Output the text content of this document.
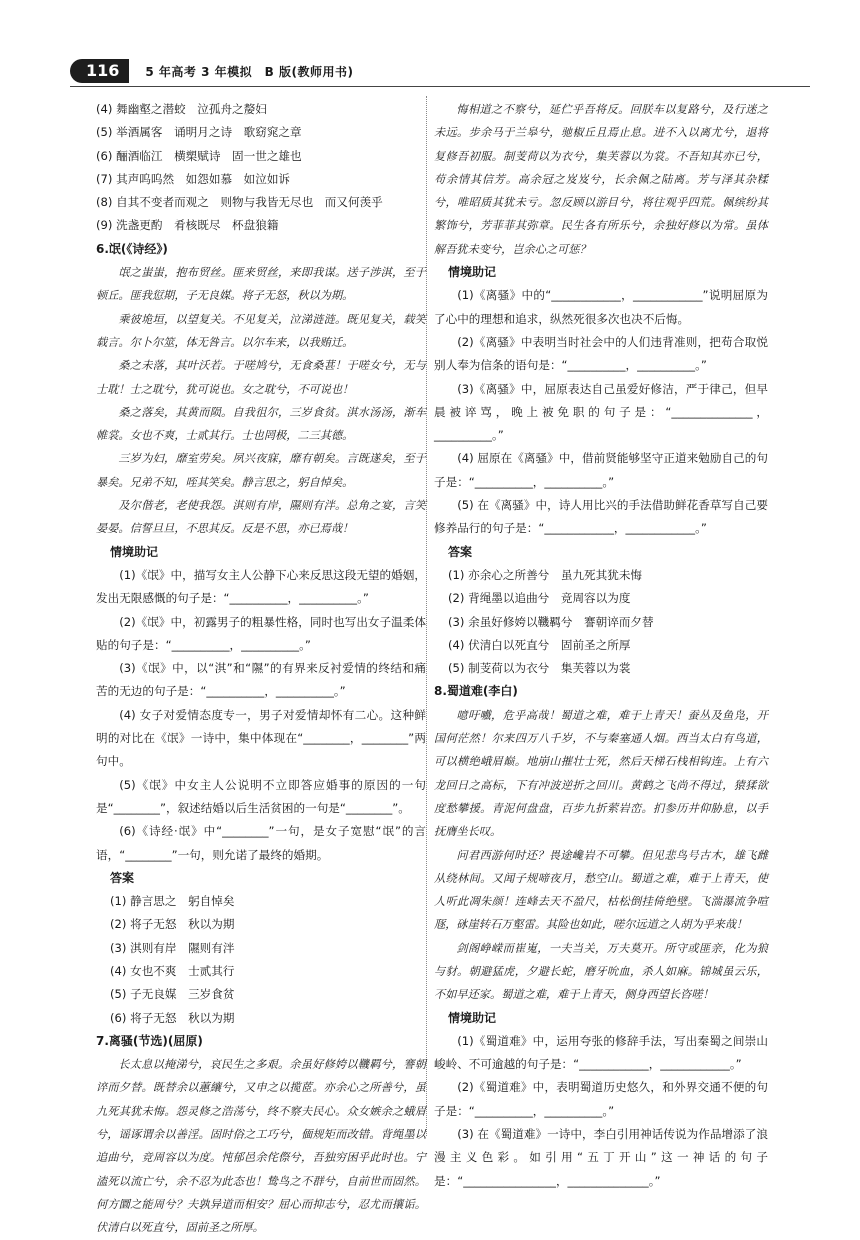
116	5 年高考 3 年模拟　B 版(教师用书)
(4) 舞幽壑之潜蛟　泣孤舟之嫠妇
(5) 举酒属客　诵明月之诗　歌窈窕之章
(6) 酾酒临江　横槊赋诗　固一世之雄也
(7) 其声呜呜然　如怨如慕　如泣如诉
(8) 自其不变者而观之　则物与我皆无尽也　而又何羡乎
(9) 洗盏更酌　肴核既尽　杯盘狼籍
6.氓(《诗经》)
氓之蚩蚩，抱布贸丝。匪来贸丝，来即我谋。送子涉淇，至于顿丘。匪我愆期，子无良媒。将子无怒，秋以为期。
乘彼垝垣，以望复关。不见复关，泣涕涟涟。既见复关，载笑载言。尔卜尔筮，体无咎言。以尔车来，以我贿迁。
桑之未落，其叶沃若。于嗟鸠兮，无食桑葚！于嗟女兮，无与士耽！士之耽兮，犹可说也。女之耽兮，不可说也！
桑之落矣，其黄而陨。自我徂尔，三岁食贫。淇水汤汤，渐车帷裳。女也不爽，士贰其行。士也罔极，二三其德。
三岁为妇，靡室劳矣。夙兴夜寐，靡有朝矣。言既遂矣，至于暴矣。兄弟不知，咥其笑矣。静言思之，躬自悼矣。
及尔偕老，老使我怨。淇则有岸，隰则有泮。总角之宴，言笑晏晏。信誓旦旦，不思其反。反是不思，亦已焉哉！
情境助记
(1)《氓》中，描写女主人公静下心来反思这段无望的婚姻，发出无限感慨的句子是：“__________，__________。”
(2)《氓》中，初露男子的粗暴性格，同时也写出女子温柔体贴的句子是：“__________，__________。”
(3)《氓》中，以“淇”和“隰”的有界来反衬爱情的终结和痛苦的无边的句子是：“__________，__________。”
(4) 女子对爱情态度专一，男子对爱情却怀有二心。这种鲜明的对比在《氓》一诗中，集中体现在“________，________”两句中。
(5)《氓》中女主人公说明不立即答应婚事的原因的一句是“________”，叙述结婚以后生活贫困的一句是“________”。
(6)《诗经·氓》中“________”一句，是女子宽慰“氓”的言语，“________”一句，则允诺了最终的婚期。
答案
(1) 静言思之　躬自悼矣
(2) 将子无怒　秋以为期
(3) 淇则有岸　隰则有泮
(4) 女也不爽　士贰其行
(5) 子无良媒　三岁食贫
(6) 将子无怒　秋以为期
7.离骚(节选)(屈原)
长太息以掩涕兮，哀民生之多艰。余虽好修姱以鞿羁兮，謇朝谇而夕替。既替余以蕙纕兮，又申之以揽茝。亦余心之所善兮，虽九死其犹未悔。怨灵修之浩荡兮，终不察夫民心。众女嫉余之蛾眉兮，谣诼谓余以善淫。固时俗之工巧兮，偭规矩而改错。背绳墨以追曲兮，竞周容以为度。忳郁邑余侘傺兮，吾独穷困乎此时也。宁溘死以流亡兮，余不忍为此态也！鸷鸟之不群兮，自前世而固然。何方圜之能周兮？夫孰异道而相安？屈心而抑志兮，忍尤而攘诟。伏清白以死直兮，固前圣之所厚。
悔相道之不察兮，延伫乎吾将反。回朕车以复路兮，及行迷之未远。步余马于兰皋兮，驰椒丘且焉止息。进不入以离尤兮，退将复修吾初服。制芰荷以为衣兮，集芙蓉以为裳。不吾知其亦已兮，苟余情其信芳。高余冠之岌岌兮，长余佩之陆离。芳与泽其杂糅兮，唯昭质其犹未亏。忽反顾以游目兮，将往观乎四荒。佩缤纷其繁饰兮，芳菲菲其弥章。民生各有所乐兮，余独好修以为常。虽体解吾犹未变兮，岂余心之可惩？
情境助记
(1)《离骚》中的“____________，____________”说明屈原为了心中的理想和追求，纵然死很多次也决不后悔。
(2)《离骚》中表明当时社会中的人们违背准则，把苟合取悦别人奉为信条的语句是：“__________，__________。”
(3)《离骚》中，屈原表达自己虽爱好修洁，严于律己，但早晨被谇骂，晚上被免职的句子是：“______________，__________。”
(4) 屈原在《离骚》中，借前贤能够坚守正道来勉励自己的句子是：“__________，__________。”
(5) 在《离骚》中，诗人用比兴的手法借助鲜花香草写自己要修养品行的句子是：“____________，____________。”
答案
(1) 亦余心之所善兮　虽九死其犹未悔
(2) 背绳墨以追曲兮　竞周容以为度
(3) 余虽好修姱以鞿羁兮　謇朝谇而夕替
(4) 伏清白以死直兮　固前圣之所厚
(5) 制芰荷以为衣兮　集芙蓉以为裳
8.蜀道难(李白)
噫吁嚱，危乎高哉！蜀道之难，难于上青天！蚕丛及鱼凫，开国何茫然！尔来四万八千岁，不与秦塞通人烟。西当太白有鸟道，可以横绝峨眉巅。地崩山摧壮士死，然后天梯石栈相钩连。上有六龙回日之高标，下有冲波逆折之回川。黄鹤之飞尚不得过，猿猱欲度愁攀援。青泥何盘盘，百步九折萦岩峦。扪参历井仰胁息，以手抚膺坐长叹。
问君西游何时还？畏途巉岩不可攀。但见悲鸟号古木，雄飞雌从绕林间。又闻子规啼夜月，愁空山。蜀道之难，难于上青天，使人听此凋朱颜！连峰去天不盈尺，枯松倒挂倚绝壁。飞湍瀑流争喧豗，砯崖转石万壑雷。其险也如此，嗟尔远道之人胡为乎来哉！
剑阁峥嵘而崔嵬，一夫当关，万夫莫开。所守或匪亲，化为狼与豺。朝避猛虎，夕避长蛇，磨牙吮血，杀人如麻。锦城虽云乐，不如早还家。蜀道之难，难于上青天，侧身西望长咨嗟！
情境助记
(1)《蜀道难》中，运用夸张的修辞手法，写出秦蜀之间崇山峻岭、不可逾越的句子是：“____________，____________。”
(2)《蜀道难》中，表明蜀道历史悠久，和外界交通不便的句子是：“__________，__________。”
(3) 在《蜀道难》一诗中，李白引用神话传说为作品增添了浪漫主义色彩。如引用“五丁开山”这一神话的句子是：“________________，______________。”
